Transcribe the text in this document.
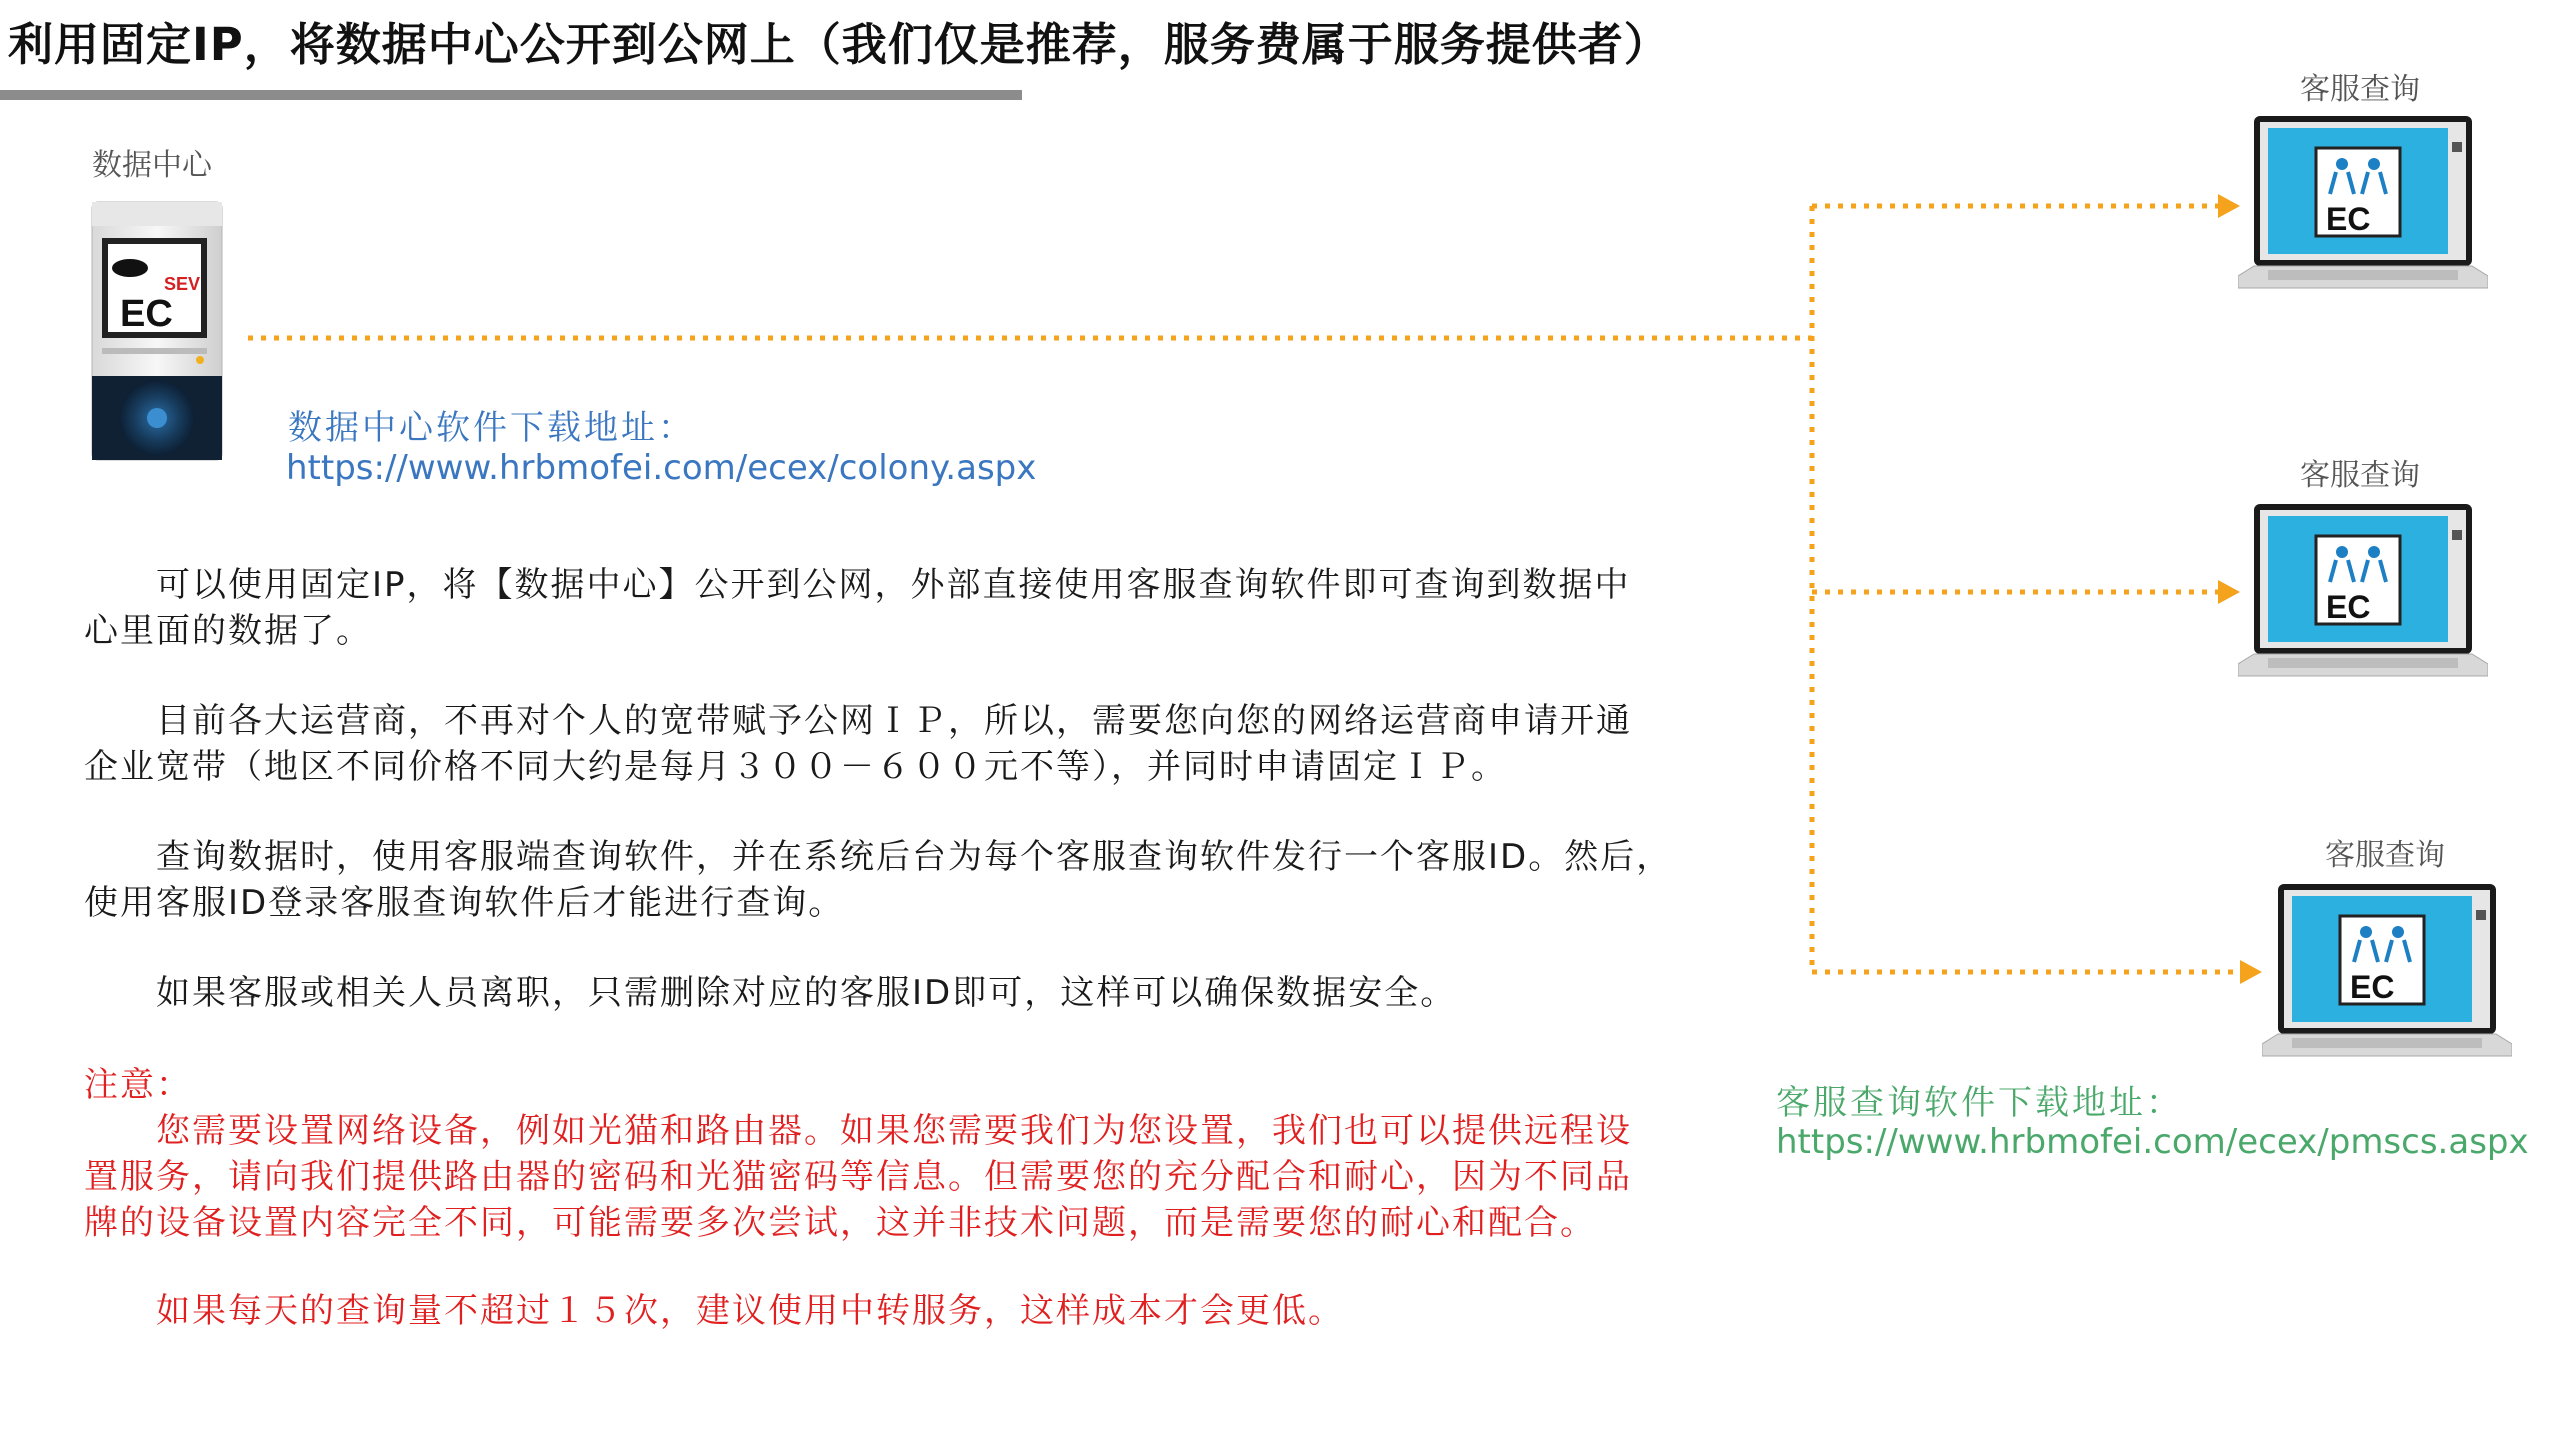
利用固定IP，将数据中心公开到公网上（我们仅是推荐，服务费属于服务提供者）
数据中心
SEV
EC
数据中心软件下载地址：
https://www.hrbmofei.com/ecex/colony.aspx
客服查询
客服查询
客服查询
EC
EC
EC
客服查询软件下载地址：
https://www.hrbmofei.com/ecex/pmscs.aspx
　　可以使用固定IP，将【数据中心】公开到公网，外部直接使用客服查询软件即可查询到数据中
心里面的数据了。
　　目前各大运营商，不再对个人的宽带赋予公网ＩＰ，所以，需要您向您的网络运营商申请开通
企业宽带（地区不同价格不同大约是每月３００－６００元不等），并同时申请固定ＩＰ。
　　查询数据时，使用客服端查询软件，并在系统后台为每个客服查询软件发行一个客服ID。然后，
使用客服ID登录客服查询软件后才能进行查询。
　　如果客服或相关人员离职，只需删除对应的客服ID即可，这样可以确保数据安全。
注意：
　　您需要设置网络设备，例如光猫和路由器。如果您需要我们为您设置，我们也可以提供远程设
置服务，请向我们提供路由器的密码和光猫密码等信息。但需要您的充分配合和耐心，因为不同品
牌的设备设置内容完全不同，可能需要多次尝试，这并非技术问题，而是需要您的耐心和配合。
　　如果每天的查询量不超过１５次，建议使用中转服务，这样成本才会更低。
